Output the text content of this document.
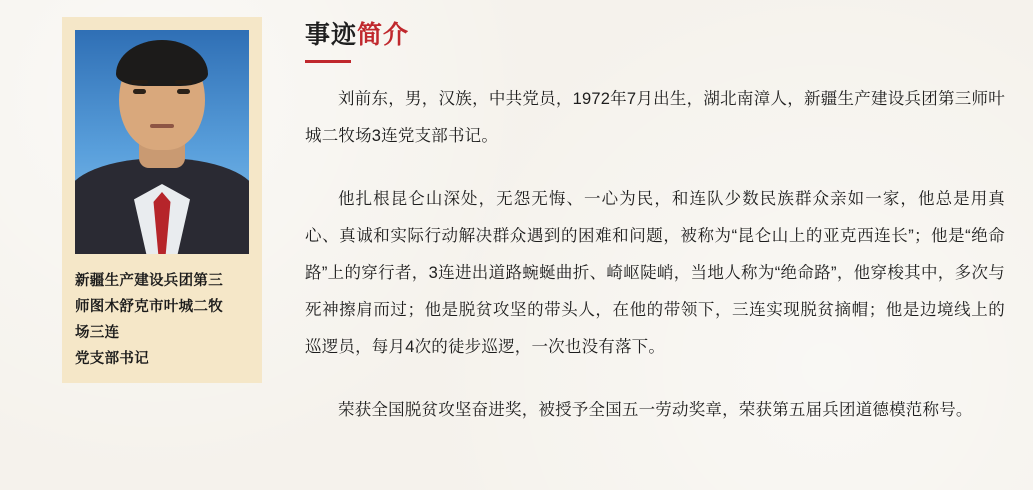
新疆生产建设兵团第三
师图木舒克市叶城二牧
场三连
党支部书记
事迹简介

刘前东，男，汉族，中共党员，1972年7月出生，湖北南漳人，新疆生产建设兵团第三师叶城二牧场3连党支部书记。

他扎根昆仑山深处，无怨无悔、一心为民，和连队少数民族群众亲如一家，他总是用真心、真诚和实际行动解决群众遇到的困难和问题，被称为“昆仑山上的亚克西连长”；他是“绝命路”上的穿行者，3连进出道路蜿蜒曲折、崎岖陡峭，当地人称为“绝命路”，他穿梭其中，多次与死神擦肩而过；他是脱贫攻坚的带头人，在他的带领下，三连实现脱贫摘帽；他是边境线上的巡逻员，每月4次的徒步巡逻，一次也没有落下。

荣获全国脱贫攻坚奋进奖，被授予全国五一劳动奖章，荣获第五届兵团道德模范称号。
